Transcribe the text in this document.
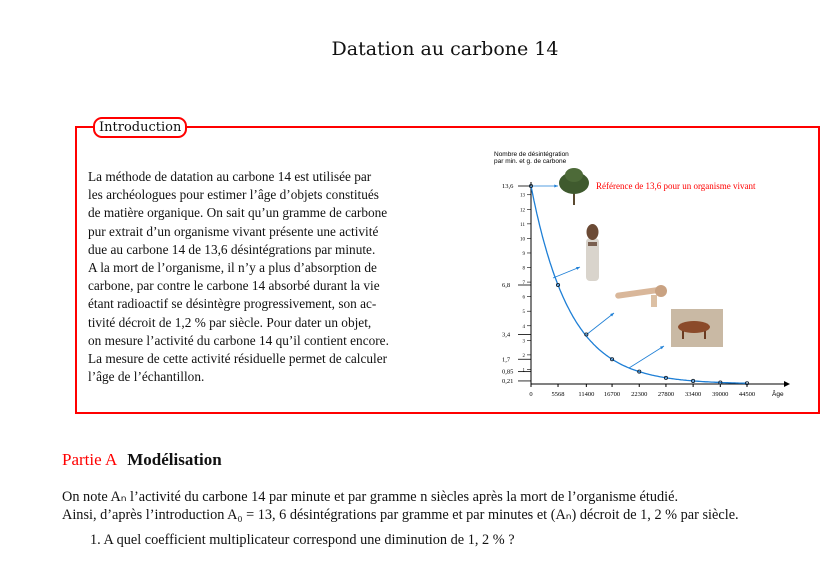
Datation au carbone 14
Introduction
La méthode de datation au carbone 14 est utilisée par
les archéologues pour estimer l’âge d’objets constitués
de matière organique. On sait qu’un gramme de carbone
pur extrait d’un organisme vivant présente une activité
due au carbone 14 de 13,6 désintégrations par minute.
A la mort de l’organisme, il n’y a plus d’absorption de
carbone, par contre le carbone 14 absorbé durant la vie
étant radioactif se désintègre progressivement, son ac-
tivité décroit de 1,2 % par siècle. Pour dater un objet,
on mesure l’activité du carbone 14 qu’il contient encore.
La mesure de cette activité résiduelle permet de calculer
l’âge de l’échantillon.
Nombre de désintégration
par min. et g. de carbone
Référence de 13,6 pour un organisme vivant
Âge
0	5568 11400 16700 22300 27800 33400 39000 44500
1
2
3
4
5
6
7
8
9
10
11
12
13
13,6
6,8
3,4
1,7
0,85
0,21
Partie A Modélisation
On note Aₙ l’activité du carbone 14 par minute et par gramme n siècles après la mort de l’organisme étudié.
Ainsi, d’après l’introduction A₀ = 13, 6 désintégrations par gramme et par minutes et (Aₙ) décroit de 1, 2 % par siècle.
1. A quel coefficient multiplicateur correspond une diminution de 1, 2 % ?
